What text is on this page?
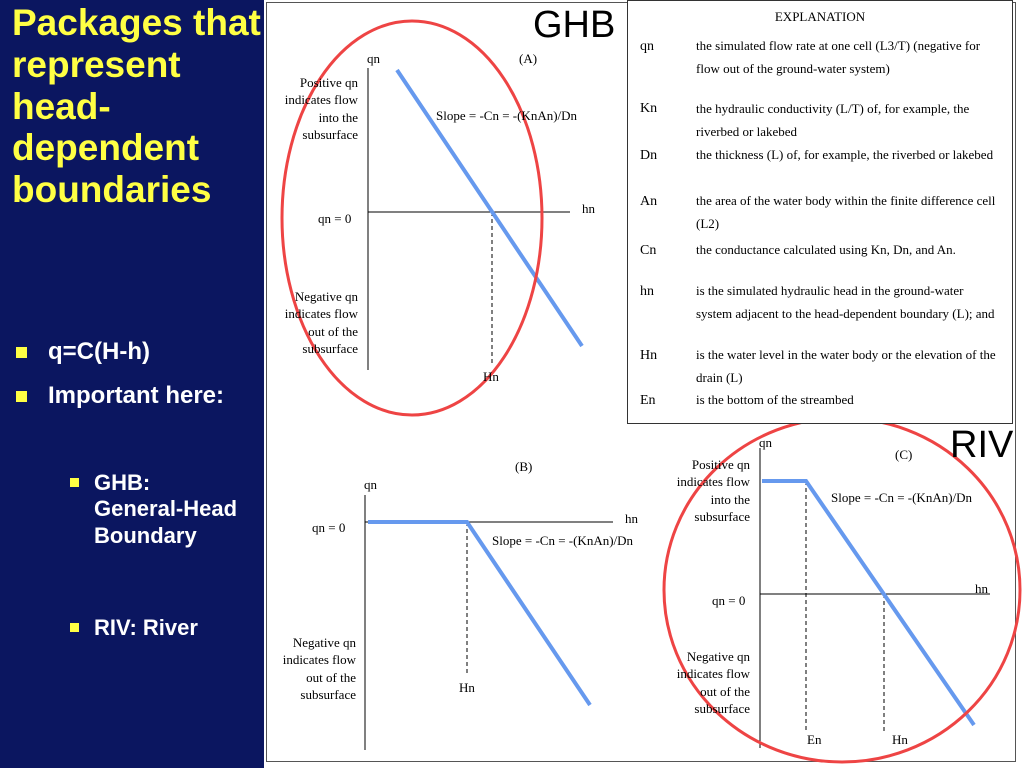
Packages that represent head-dependent boundaries
q=C(H-h)
Important here:
GHB: General-Head Boundary
RIV: River
GHB
RIV
(A)
qn
Positive qn indicates flow into the subsurface
Slope = -Cn = -(KnAn)/Dn
qn = 0
hn
Negative qn indicates flow out of the subsurface
Hn
(B)
qn
qn = 0
hn
Slope = -Cn = -(KnAn)/Dn
Negative qn indicates flow out of the subsurface	Hn
qn
(C)
Positive qn indicates flow into the subsurface
Slope = -Cn = -(KnAn)/Dn
hn
qn = 0
Negative qn indicates flow out of the subsurface
En	Hn
EXPLANATION
qn	the simulated flow rate at one cell (L3/T) (negative for flow out of the ground-water system)
Kn	the hydraulic conductivity (L/T) of, for example, the riverbed or lakebed
Dn	the thickness (L) of, for example, the riverbed or lakebed
An	the area of the water body within the finite difference cell (L2)
Cn	the conductance calculated using Kn, Dn, and An.
hn	is the simulated hydraulic head in the ground-water system adjacent to the head-dependent boundary (L); and
Hn	is the water level in the water body or the elevation of the drain (L)
En	is the bottom of the streambed
